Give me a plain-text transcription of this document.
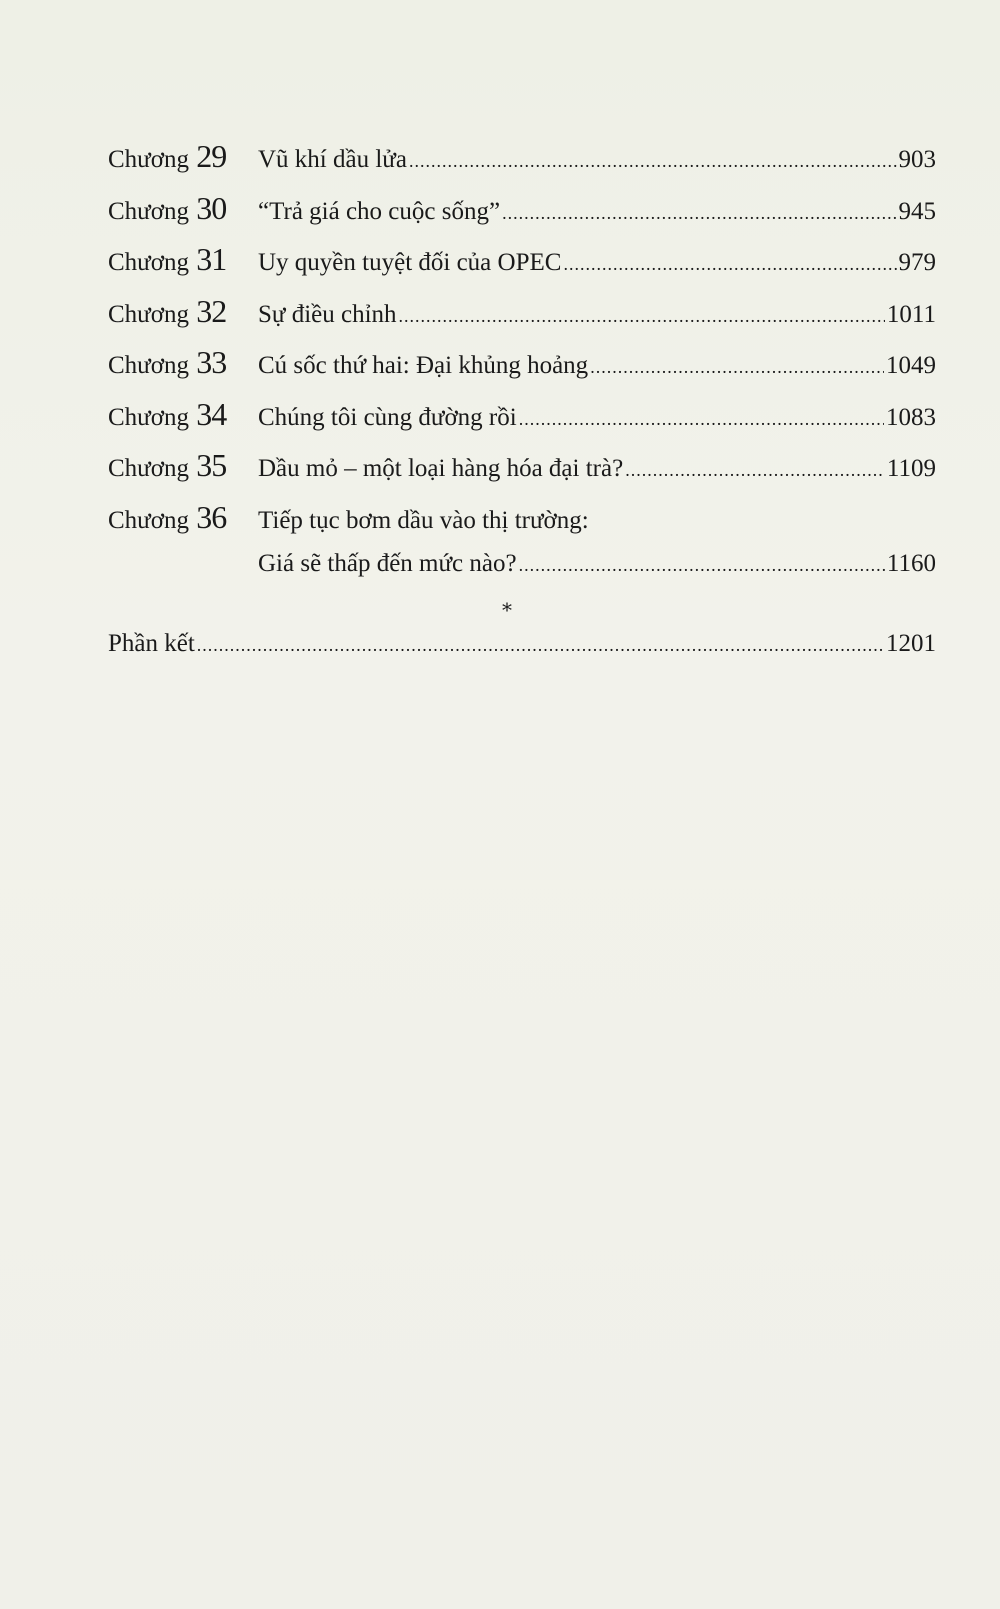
Chương 29	Vũ khí dầu lửa .....	903
Chương 30	“Trả giá cho cuộc sống” .....	945
Chương 31	Uy quyền tuyệt đối của OPEC .....	979
Chương 32	Sự điều chỉnh .....	1011
Chương 33	Cú sốc thứ hai: Đại khủng hoảng .....	1049
Chương 34	Chúng tôi cùng đường rồi .....	1083
Chương 35	Dầu mỏ – một loại hàng hóa đại trà? .....	1109
Chương 36	Tiếp tục bơm dầu vào thị trường:
Giá sẽ thấp đến mức nào? .....	1160
*
Phần kết .....	1201
